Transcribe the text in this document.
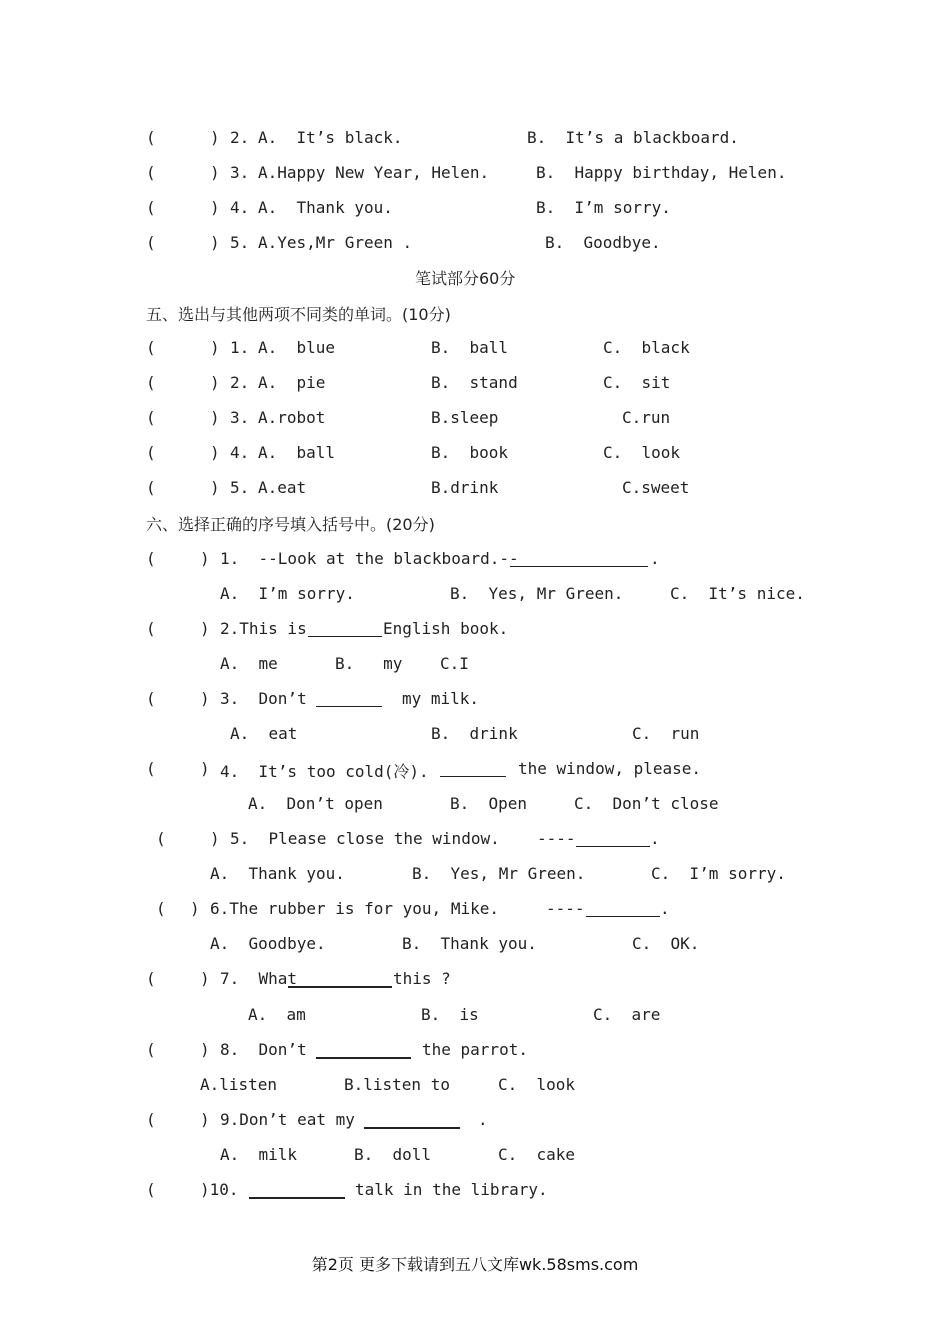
(	) 2. A.  It’s black.	B.  It’s a blackboard.
(	) 3. A.Happy New Year, Helen.	B.  Happy birthday, Helen.
(	) 4. A.  Thank you.	B.  I’m sorry.
(	) 5. A.Yes,Mr Green .	B.  Goodbye.
笔试部分60分
五、选出与其他两项不同类的单词。(10分)
(	) 1. A.  blue	B.  ball	C.  black
(	) 2. A.  pie	B.  stand	C.  sit
(	) 3. A.robot	B.sleep	C.run
(	) 4. A.  ball	B.  book	C.  look
(	) 5. A.eat	B.drink	C.sweet
六、选择正确的序号填入括号中。(20分)
(	) 1.  --Look at the blackboard.--	.
A.  I’m sorry.	B.  Yes, Mr Green.	C.  It’s nice.
(	) 2.This is	English book.
A.  me	B.   my C.I
(	) 3.  Don’t	my milk.
A.  eat	B.  drink	C.  run
(	) 4.  It’s too cold(冷).	the window, please.
A.  Don’t open	B.  Open	C.  Don’t close
(	) 5.  Please close the window. ----	.
A.  Thank you.	B.  Yes, Mr Green.	C.  I’m sorry.
( ) 6.The rubber is for you, Mike.	----	.
A.  Goodbye.	B.  Thank you.	C.  OK.
(	) 7.  What	this ?
A.  am	B.  is	C.  are
(	) 8.  Don’t	the parrot.
A.listen	B.listen to	C.  look
(	) 9.Don’t eat my	.
A.  milk	B.  doll	C.  cake
(	)10.	talk in the library.
第2页 更多下载请到五八文库wk.58sms.com
